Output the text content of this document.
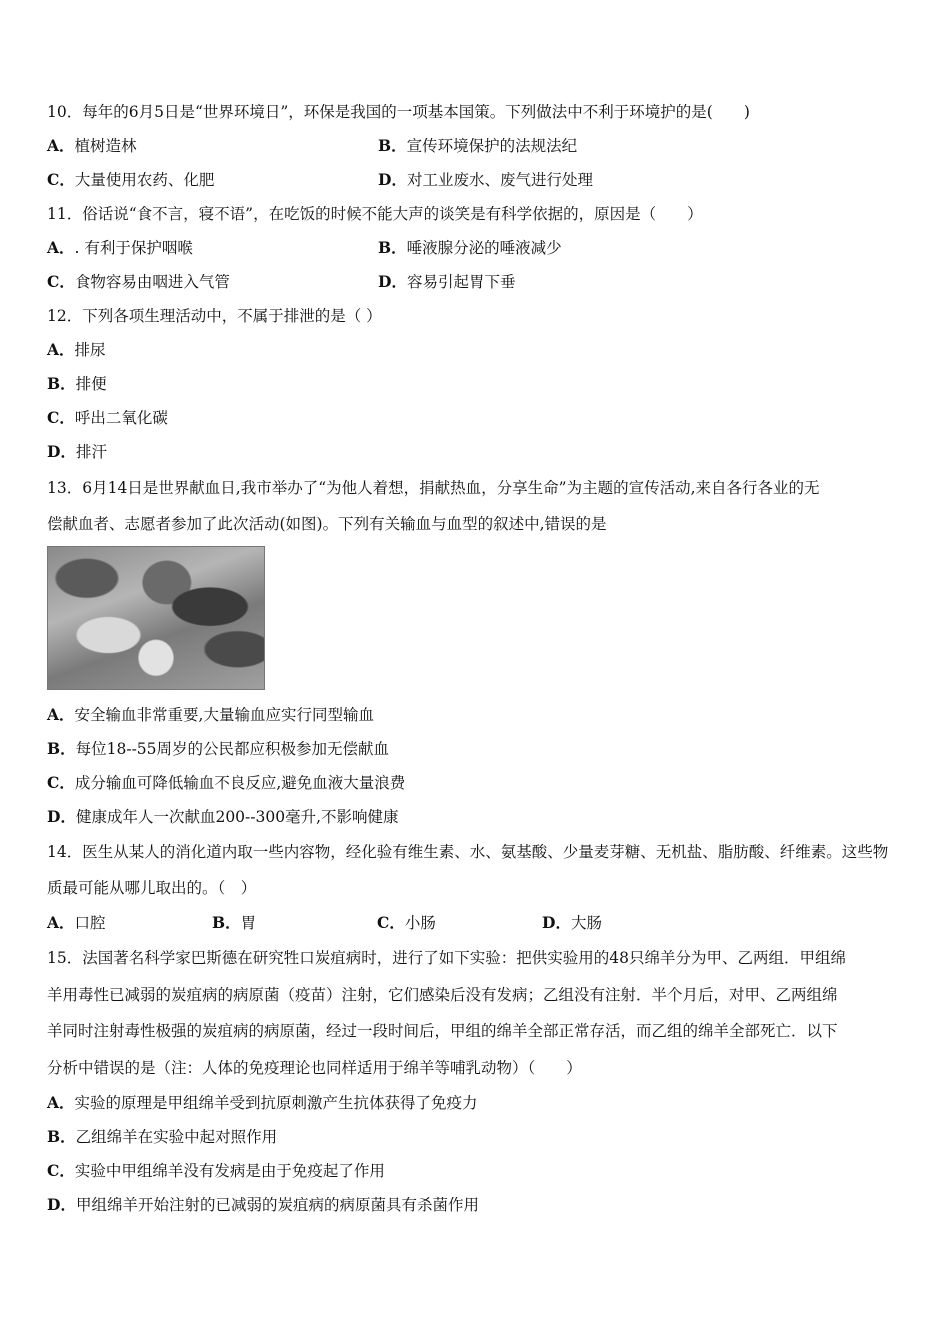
10．每年的6月5日是“世界环境日”，环保是我国的一项基本国策。下列做法中不利于环境护的是(　　)
A．植树造林	B．宣传环境保护的法规法纪
C．大量使用农药、化肥	D．对工业废水、废气进行处理
11．俗话说“食不言，寝不语”，在吃饭的时候不能大声的谈笑是有科学依据的，原因是（　　）
A．. 有利于保护咽喉	B．唾液腺分泌的唾液减少
C．食物容易由咽进入气管	D．容易引起胃下垂
12．下列各项生理活动中，不属于排泄的是（ ）
A．排尿
B．排便
C．呼出二氧化碳
D．排汗
13．6月14日是世界献血日,我市举办了“为他人着想，捐献热血，分享生命”为主题的宣传活动,来自各行各业的无
偿献血者、志愿者参加了此次活动(如图)。下列有关输血与血型的叙述中,错误的是
A．安全输血非常重要,大量输血应实行同型输血
B．每位18--55周岁的公民都应积极参加无偿献血
C．成分输血可降低输血不良反应,避免血液大量浪费
D．健康成年人一次献血200--300毫升,不影响健康
14．医生从某人的消化道内取一些内容物，经化验有维生素、水、氨基酸、少量麦芽糖、无机盐、脂肪酸、纤维素。这些物
质最可能从哪儿取出的。（　）
A．口腔	B．胃	C．小肠	D．大肠
15．法国著名科学家巴斯德在研究牲口炭疽病时，进行了如下实验：把供实验用的48只绵羊分为甲、乙两组．甲组绵
羊用毒性已减弱的炭疽病的病原菌（疫苗）注射，它们感染后没有发病；乙组没有注射．半个月后，对甲、乙两组绵
羊同时注射毒性极强的炭疽病的病原菌，经过一段时间后，甲组的绵羊全部正常存活，而乙组的绵羊全部死亡．以下
分析中错误的是（注：人体的免疫理论也同样适用于绵羊等哺乳动物）（　　）
A．实验的原理是甲组绵羊受到抗原刺激产生抗体获得了免疫力
B．乙组绵羊在实验中起对照作用
C．实验中甲组绵羊没有发病是由于免疫起了作用
D．甲组绵羊开始注射的已减弱的炭疽病的病原菌具有杀菌作用
